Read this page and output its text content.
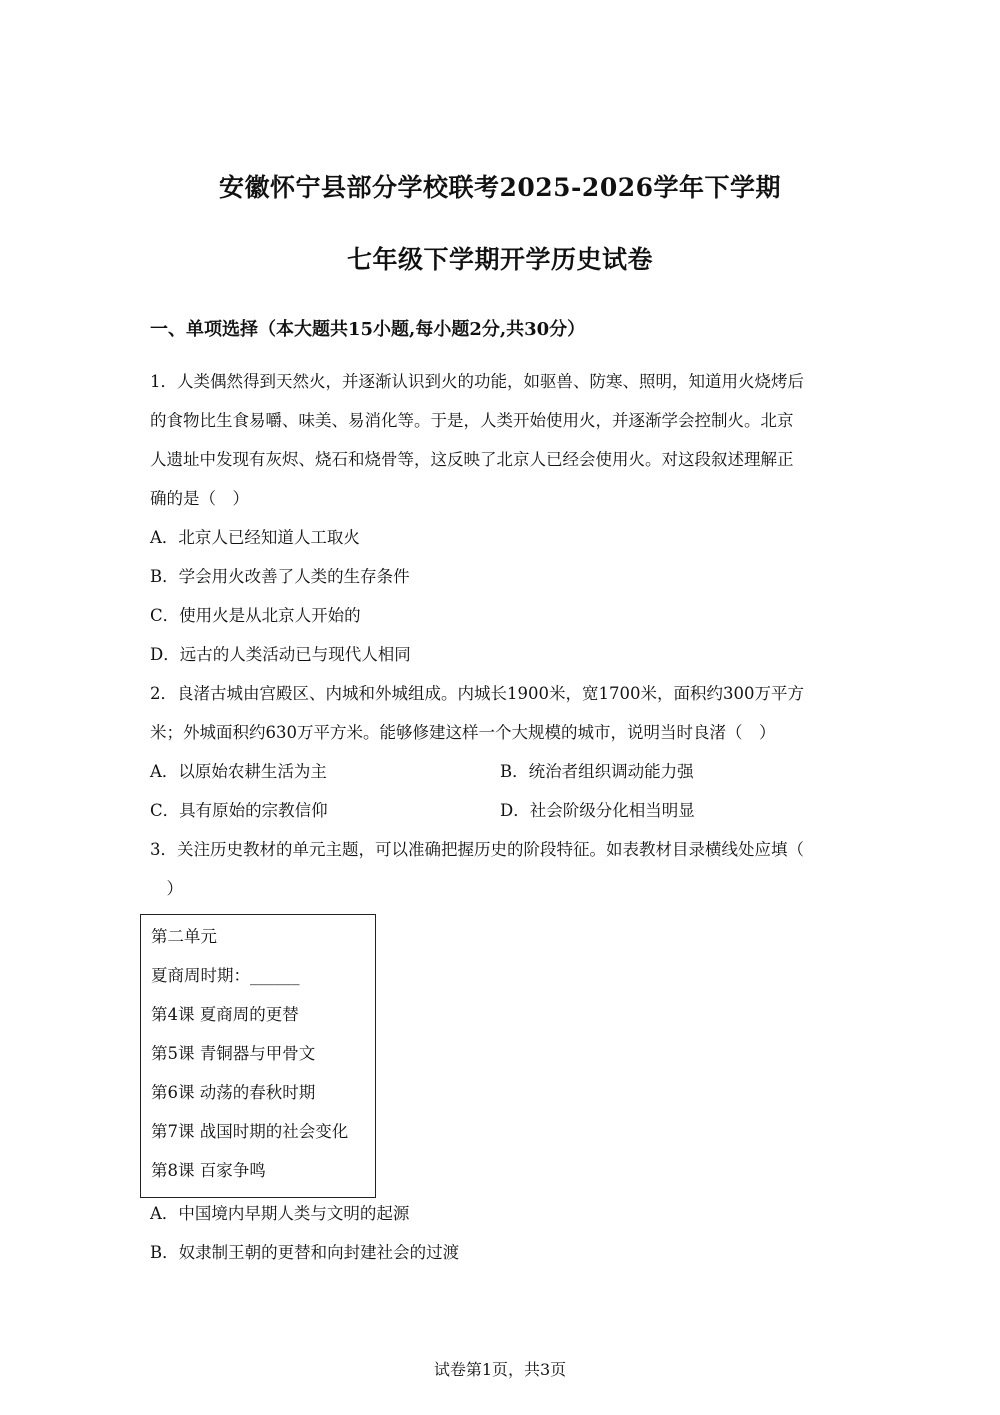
安徽怀宁县部分学校联考2025-2026学年下学期
七年级下学期开学历史试卷
一、单项选择（本大题共15小题,每小题2分,共30分）
1．人类偶然得到天然火，并逐渐认识到火的功能，如驱兽、防寒、照明，知道用火烧烤后
的食物比生食易嚼、味美、易消化等。于是，人类开始使用火，并逐渐学会控制火。北京
人遗址中发现有灰烬、烧石和烧骨等，这反映了北京人已经会使用火。对这段叙述理解正
确的是（　）
A．北京人已经知道人工取火
B．学会用火改善了人类的生存条件
C．使用火是从北京人开始的
D．远古的人类活动已与现代人相同
2．良渚古城由宫殿区、内城和外城组成。内城长1900米，宽1700米，面积约300万平方
米；外城面积约630万平方米。能够修建这样一个大规模的城市，说明当时良渚（　）
A．以原始农耕生活为主	B．统治者组织调动能力强
C．具有原始的宗教信仰	D．社会阶级分化相当明显
3．关注历史教材的单元主题，可以准确把握历史的阶段特征。如表教材目录横线处应填（
　）
第二单元
夏商周时期：______
第4课 夏商周的更替
第5课 青铜器与甲骨文
第6课 动荡的春秋时期
第7课 战国时期的社会变化
第8课 百家争鸣
A．中国境内早期人类与文明的起源
B．奴隶制王朝的更替和向封建社会的过渡
试卷第1页，共3页
